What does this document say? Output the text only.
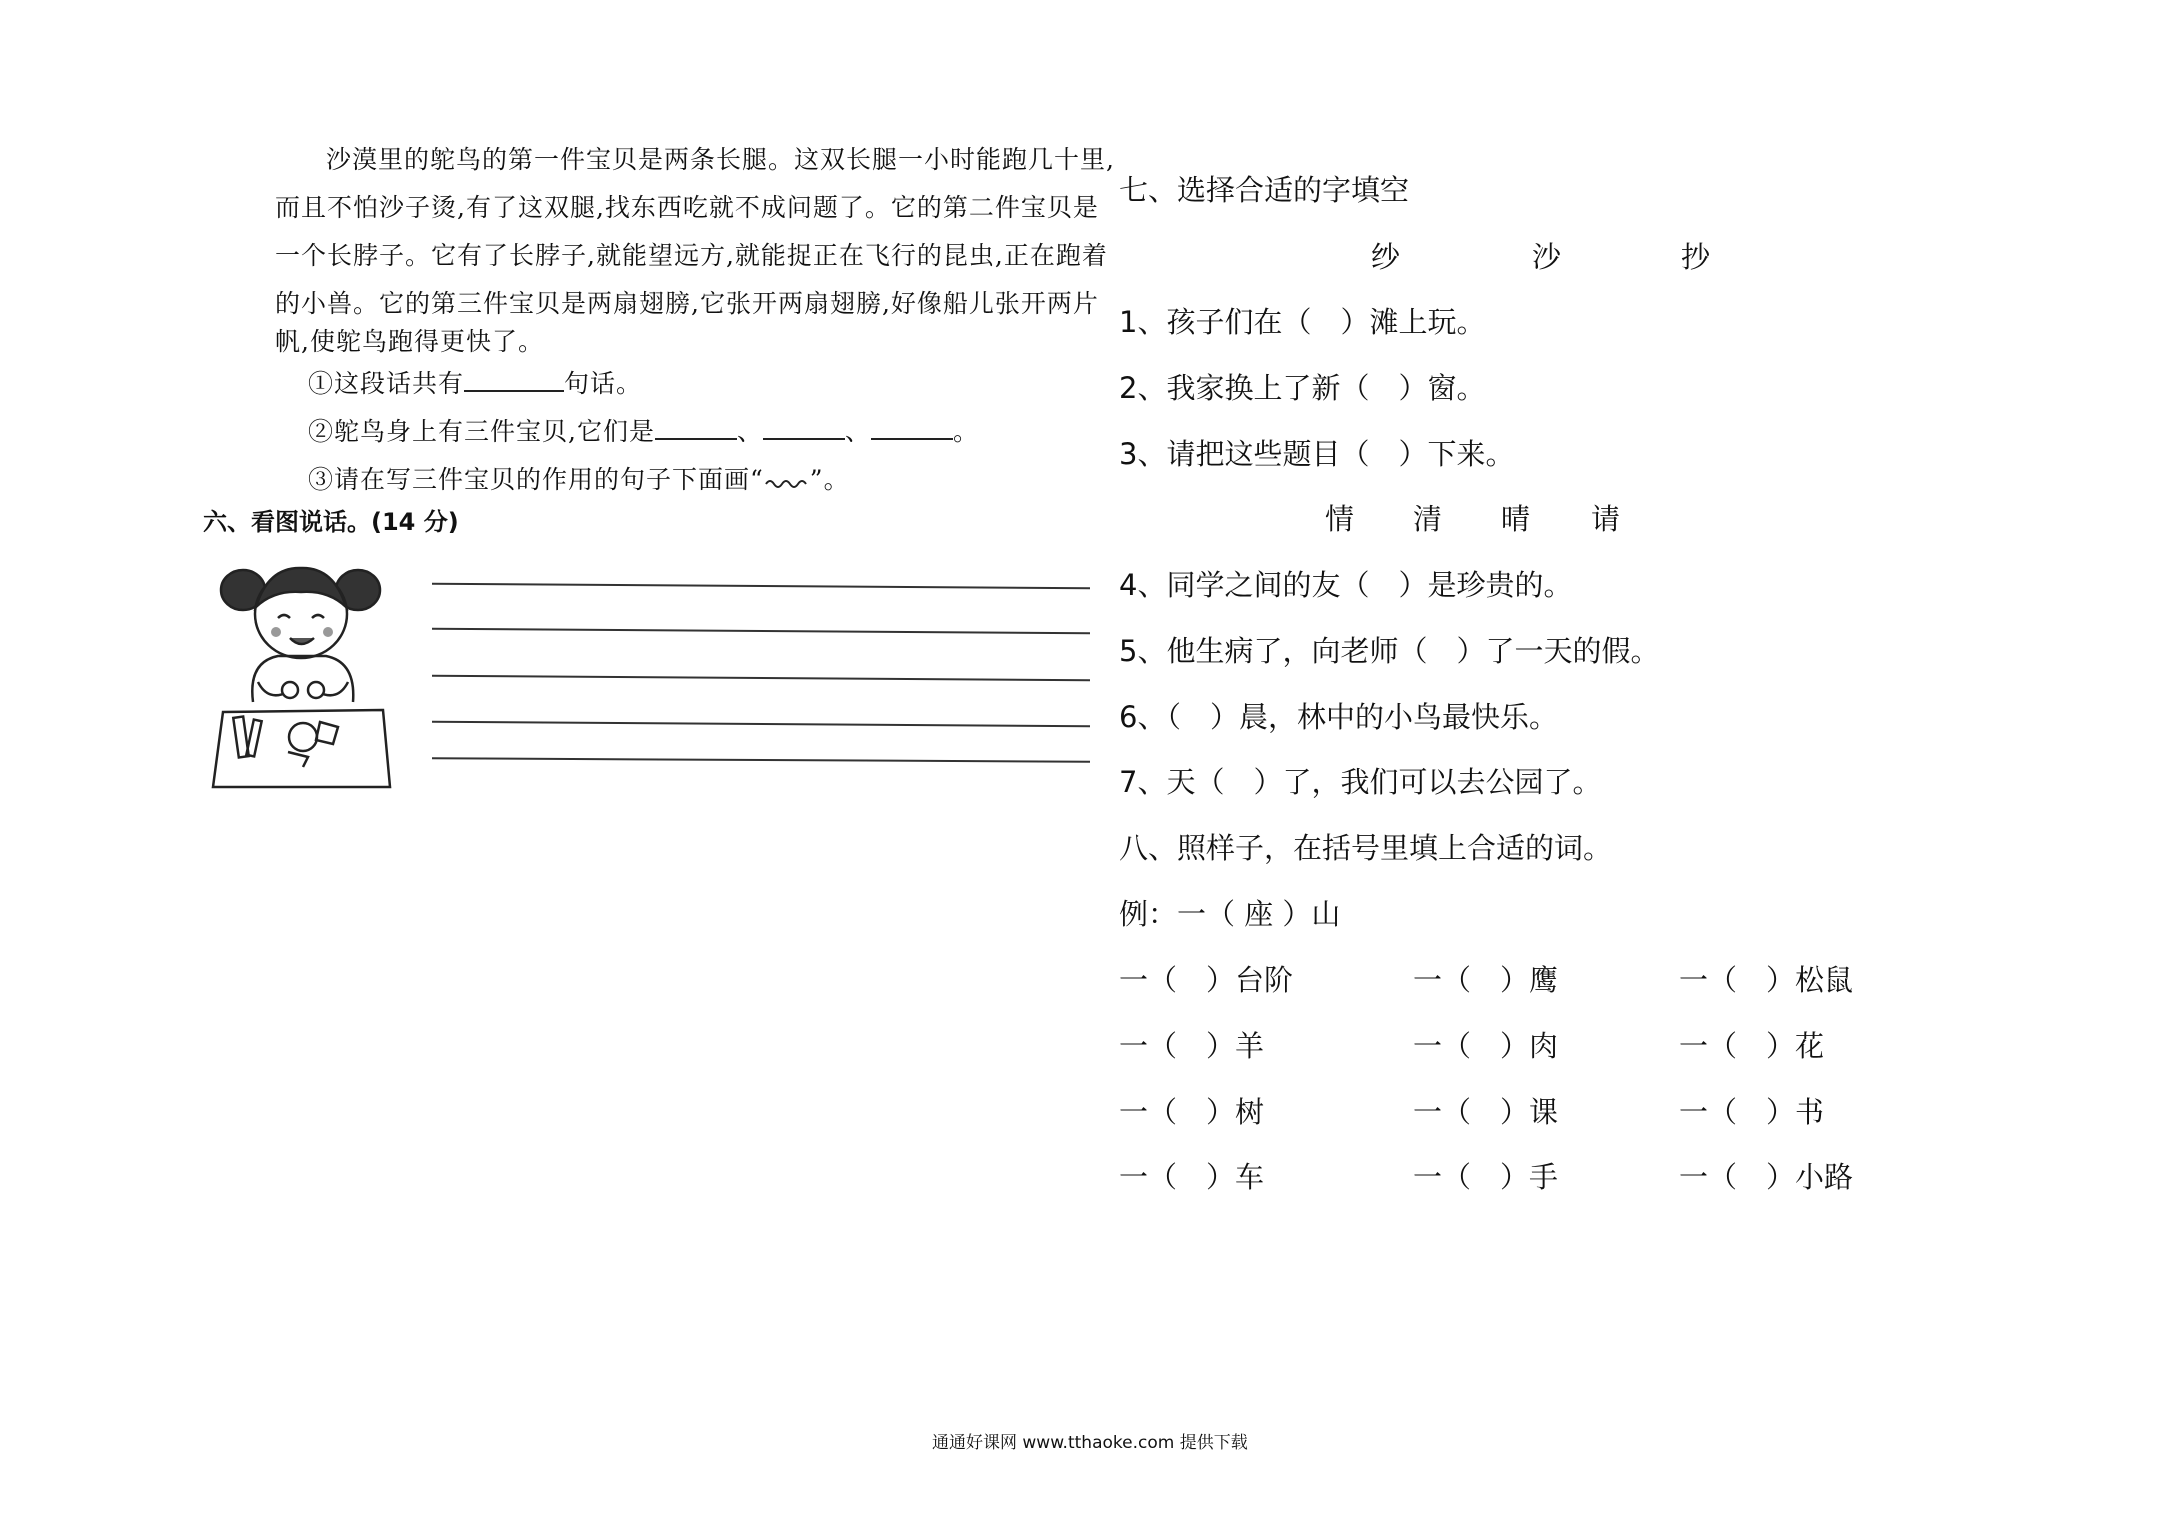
沙漠里的鸵鸟的第一件宝贝是两条长腿。这双长腿一小时能跑几十里,
而且不怕沙子烫,有了这双腿,找东西吃就不成问题了。它的第二件宝贝是
一个长脖子。它有了长脖子,就能望远方,就能捉正在飞行的昆虫,正在跑着
的小兽。它的第三件宝贝是两扇翅膀,它张开两扇翅膀,好像船儿张开两片
帆,使鸵鸟跑得更快了。
①这段话共有	句话。
②鸵鸟身上有三件宝贝,它们是	、	、	。
③请在写三件宝贝的作用的句子下面画“ ”。
六、看图说话。(14 分)
七、选择合适的字填空
纱	沙	抄
1、孩子们在（　）滩上玩。
2、我家换上了新（　）窗。
3、请把这些题目（　）下来。
情 清 晴 请
4、同学之间的友（　）是珍贵的。
5、他生病了，向老师（　）了一天的假。
6、（　）晨，林中的小鸟最快乐。
7、天（　）了，我们可以去公园了。
八、照样子，在括号里填上合适的词。
例：一（ 座 ）山
一（　）台阶	一（　）鹰	一（　）松鼠
一（　）羊	一（　）肉	一（　）花
一（　）树	一（　）课	一（　）书
一（　）车	一（　）手	一（　）小路
通通好课网 www.tthaoke.com 提供下载
